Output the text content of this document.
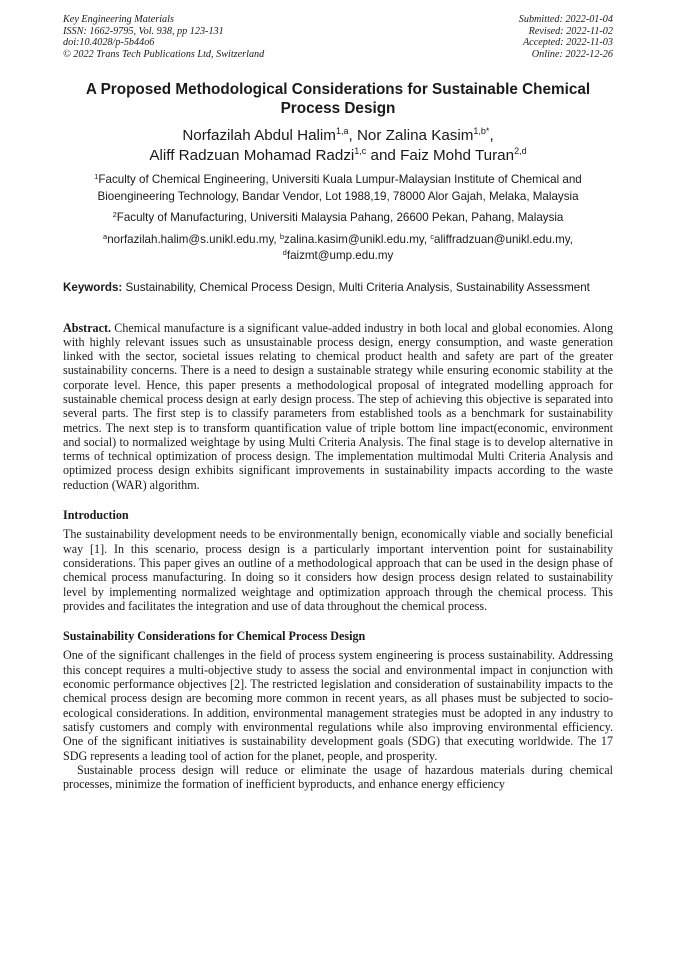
Key Engineering Materials
ISSN: 1662-9795, Vol. 938, pp 123-131
doi:10.4028/p-5b44o6
© 2022 Trans Tech Publications Ltd, Switzerland
Submitted: 2022-01-04
Revised: 2022-11-02
Accepted: 2022-11-03
Online: 2022-12-26
A Proposed Methodological Considerations for Sustainable Chemical Process Design
Norfazilah Abdul Halim$^{1,a}$, Nor Zalina Kasim$^{1,b*}$,
Aliff Radzuan Mohamad Radzi$^{1,c}$ and Faiz Mohd Turan$^{2,d}$
$^1$Faculty of Chemical Engineering, Universiti Kuala Lumpur-Malaysian Institute of Chemical and Bioengineering Technology, Bandar Vendor, Lot 1988,19, 78000 Alor Gajah, Melaka, Malaysia
$^2$Faculty of Manufacturing, Universiti Malaysia Pahang, 26600 Pekan, Pahang, Malaysia
$^a$norfazilah.halim@s.unikl.edu.my, $^b$zalina.kasim@unikl.edu.my, $^c$aliffradzuan@unikl.edu.my,
$^d$faizmt@ump.edu.my

Keywords: Sustainability, Chemical Process Design, Multi Criteria Analysis, Sustainability Assessment

Abstract. Chemical manufacture is a significant value-added industry in both local and global economies. Along with highly relevant issues such as unsustainable process design, energy consumption, and waste generation linked with the sector, societal issues relating to chemical product health and safety are part of the greater sustainability concerns. There is a need to design a sustainable strategy while ensuring economic stability at the corporate level. Hence, this paper presents a methodological proposal of integrated modelling approach for sustainable chemical process design at early design process. The step of achieving this objective is separated into several parts. The first step is to classify parameters from established tools as a benchmark for sustainability metrics. The next step is to transform quantification value of triple bottom line impact(economic, environment and social) to normalized weightage by using Multi Criteria Analysis. The final stage is to develop alternative in terms of technical optimization of process design. The implementation multimodal Multi Criteria Analysis and optimized process design exhibits significant improvements in sustainability impacts according to the waste reduction (WAR) algorithm.

Introduction

The sustainability development needs to be environmentally benign, economically viable and socially beneficial way [1]. In this scenario, process design is a particularly important intervention point for sustainability considerations. This paper gives an outline of a methodological approach that can be used in the design phase of chemical process manufacturing. In doing so it considers how design process design related to sustainability level by implementing normalized weightage and optimization approach through the chemical process. This provides and facilitates the integration and use of data throughout the chemical process.

Sustainability Considerations for Chemical Process Design

One of the significant challenges in the field of process system engineering is process sustainability. Addressing this concept requires a multi-objective study to assess the social and environmental impact in conjunction with economic performance objectives [2]. The restricted legislation and consideration of sustainability impacts to the chemical process design are becoming more common in recent years, as all phases must be subjected to socio-ecological considerations. In addition, environmental management strategies must be adopted in any industry to satisfy customers and comply with environmental regulations while also improving environmental efficiency. One of the significant initiatives is sustainability development goals (SDG) that executing worldwide. The 17 SDG represents a leading tool of action for the planet, people, and prosperity.

Sustainable process design will reduce or eliminate the usage of hazardous materials during chemical processes, minimize the formation of inefficient byproducts, and enhance energy efficiency
